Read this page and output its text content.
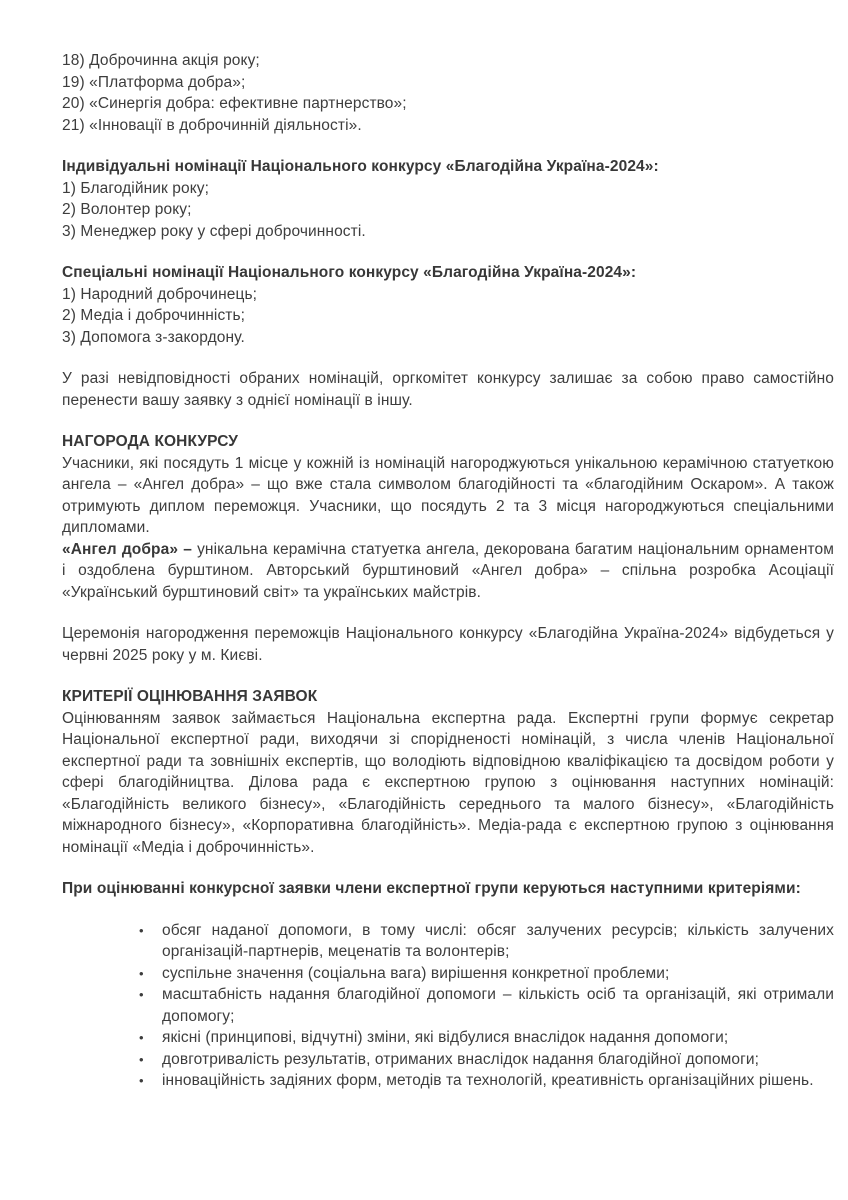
18) Доброчинна акція року;
19) «Платформа добра»;
20) «Синергія добра: ефективне партнерство»;
21) «Інновації в доброчинній діяльності».
Індивідуальні номінації Національного конкурсу «Благодійна Україна-2024»:
1) Благодійник року;
2) Волонтер року;
3) Менеджер року у сфері доброчинності.
Спеціальні номінації Національного конкурсу «Благодійна Україна-2024»:
1) Народний доброчинець;
2) Медіа і доброчинність;
3) Допомога з-закордону.

У разі невідповідності обраних номінацій, оргкомітет конкурсу залишає за собою право самостійно перенести вашу заявку з однієї номінації в іншу.

НАГОРОДА КОНКУРСУ

Учасники, які посядуть 1 місце у кожній із номінацій нагороджуються унікальною керамічною статуеткою ангела – «Ангел добра» – що вже стала символом благодійності та «благодійним Оскаром». А також отримують диплом переможця. Учасники, що посядуть 2 та 3 місця нагороджуються спеціальними дипломами.

«Ангел добра» – унікальна керамічна статуетка ангела, декорована багатим національним орнаментом і оздоблена бурштином. Авторський бурштиновий «Ангел добра» – спільна розробка Асоціації «Український бурштиновий світ» та українських майстрів.

Церемонія нагородження переможців Національного конкурсу «Благодійна Україна-2024» відбудеться у червні 2025 року у м. Києві.

КРИТЕРІЇ ОЦІНЮВАННЯ ЗАЯВОК

Оцінюванням заявок займається Національна експертна рада. Експертні групи формує секретар Національної експертної ради, виходячи зі спорідненості номінацій, з числа членів Національної експертної ради та зовнішніх експертів, що володіють відповідною кваліфікацією та досвідом роботи у сфері благодійництва. Ділова рада є експертною групою з оцінювання наступних номінацій: «Благодійність великого бізнесу», «Благодійність середнього та малого бізнесу», «Благодійність міжнародного бізнесу», «Корпоративна благодійність». Медіа-рада є експертною групою з оцінювання номінації «Медіа і доброчинність».

При оцінюванні конкурсної заявки члени експертної групи керуються наступними критеріями:
• обсяг наданої допомоги, в тому числі: обсяг залучених ресурсів; кількість залучених організацій-партнерів, меценатів та волонтерів;
• суспільне значення (соціальна вага) вирішення конкретної проблеми;
• масштабність надання благодійної допомоги – кількість осіб та організацій, які отримали допомогу;
• якісні (принципові, відчутні) зміни, які відбулися внаслідок надання допомоги;
• довготривалість результатів, отриманих внаслідок надання благодійної допомоги;
• інноваційність задіяних форм, методів та технологій, креативність організаційних рішень.
